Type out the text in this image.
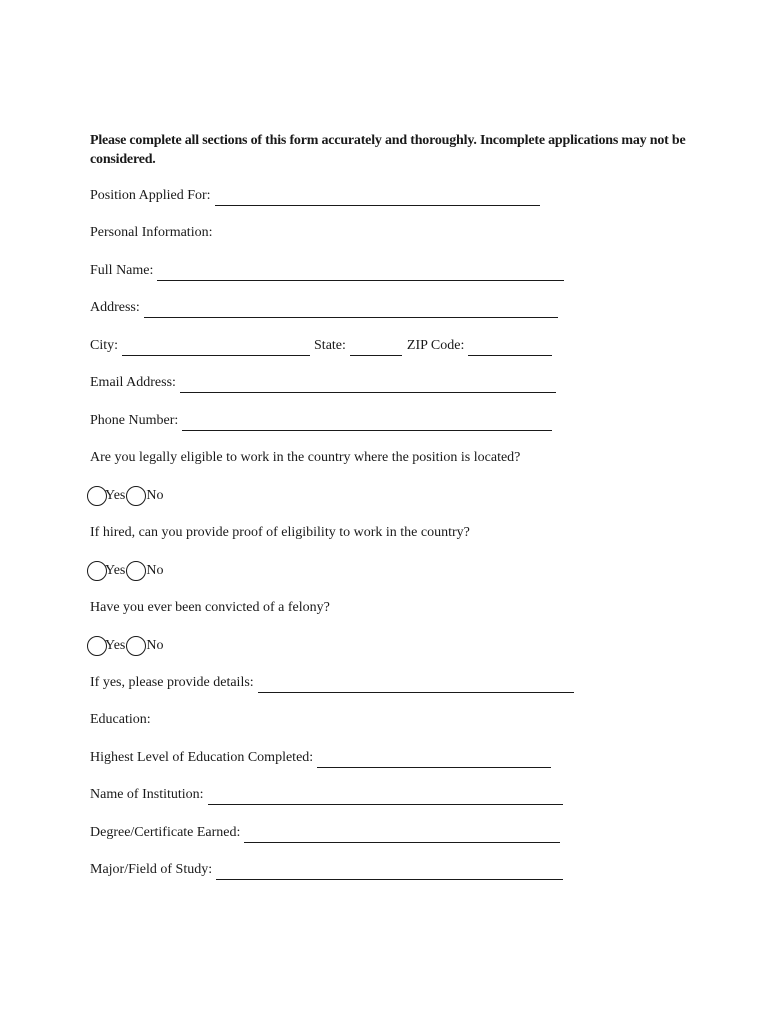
Please complete all sections of this form accurately and thoroughly. Incomplete applications may not be considered.
Position Applied For:
Personal Information:
Full Name:
Address:
City:	State:	ZIP Code:
Email Address:
Phone Number:
Are you legally eligible to work in the country where the position is located?
Yes No
If hired, can you provide proof of eligibility to work in the country?
Yes No
Have you ever been convicted of a felony?
Yes No
If yes, please provide details:
Education:
Highest Level of Education Completed:
Name of Institution:
Degree/Certificate Earned:
Major/Field of Study:
